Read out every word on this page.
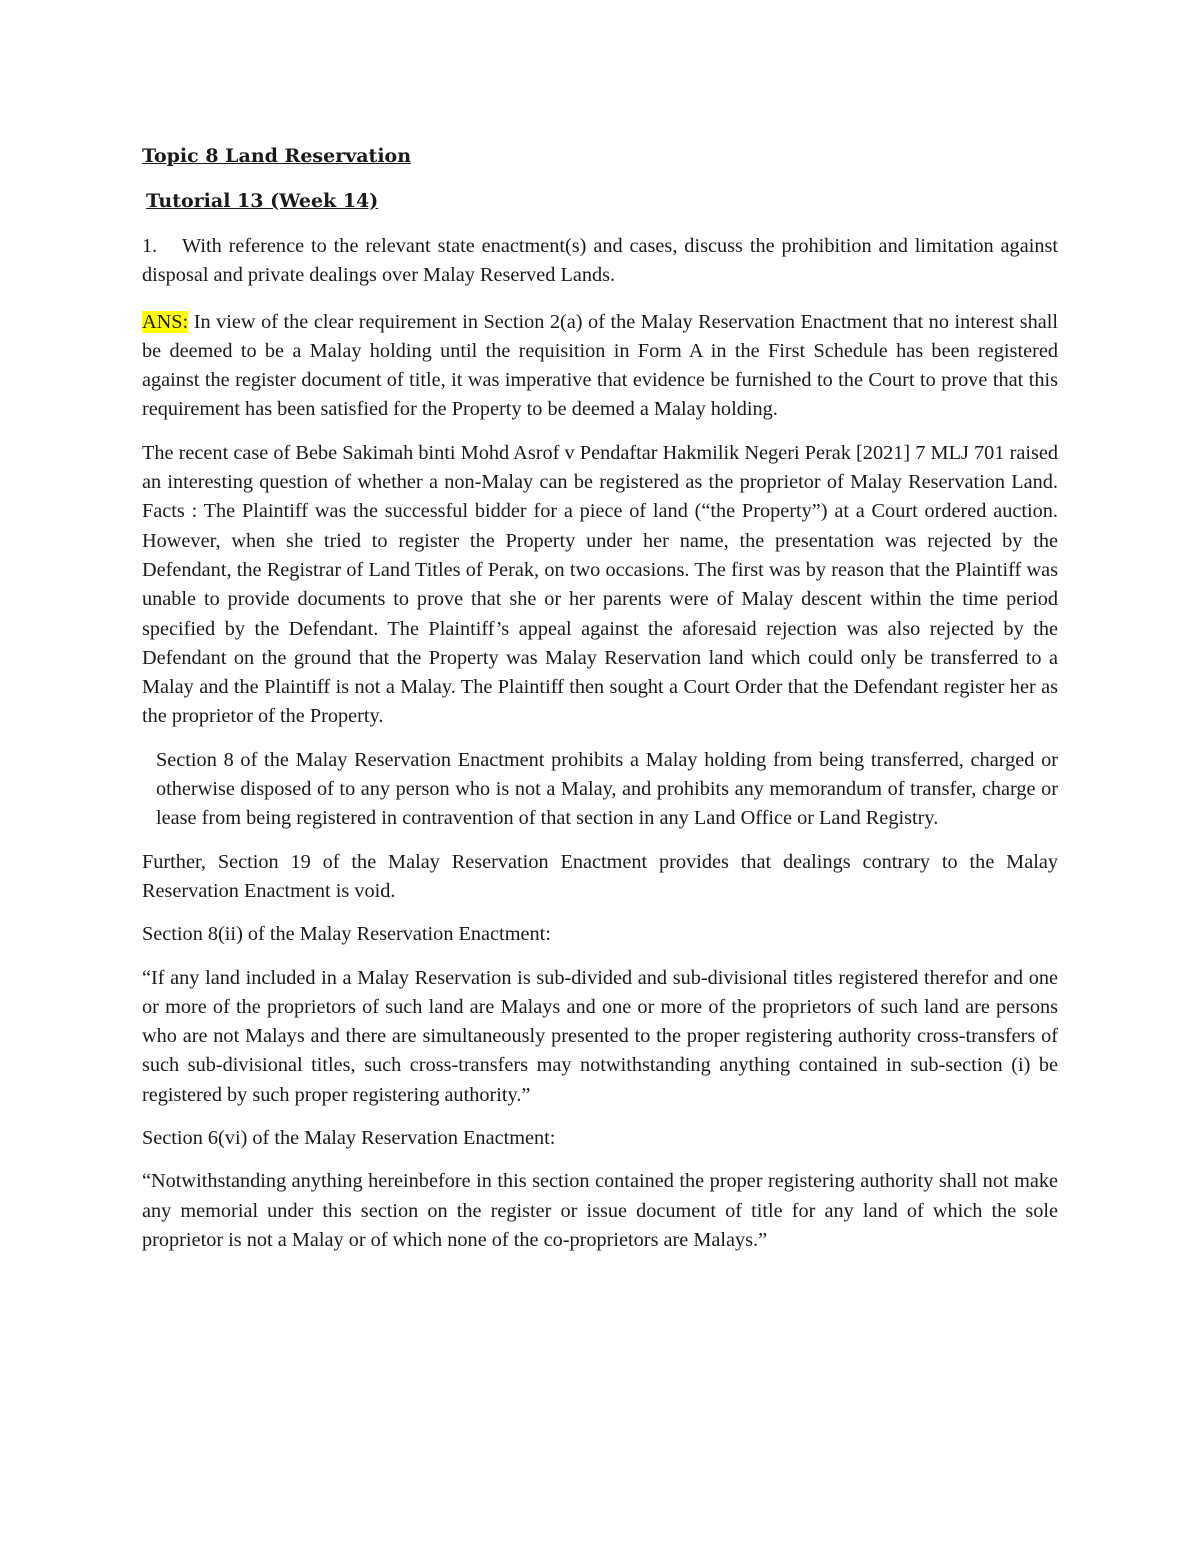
Topic 8 Land Reservation
Tutorial 13 (Week 14)

1. With reference to the relevant state enactment(s) and cases, discuss the prohibition and limitation against disposal and private dealings over Malay Reserved Lands.

ANS: In view of the clear requirement in Section 2(a) of the Malay Reservation Enactment that no interest shall be deemed to be a Malay holding until the requisition in Form A in the First Schedule has been registered against the register document of title, it was imperative that evidence be furnished to the Court to prove that this requirement has been satisfied for the Property to be deemed a Malay holding.

The recent case of Bebe Sakimah binti Mohd Asrof v Pendaftar Hakmilik Negeri Perak [2021] 7 MLJ 701 raised an interesting question of whether a non-Malay can be registered as the proprietor of Malay Reservation Land. Facts : The Plaintiff was the successful bidder for a piece of land (“the Property”) at a Court ordered auction. However, when she tried to register the Property under her name, the presentation was rejected by the Defendant, the Registrar of Land Titles of Perak, on two occasions. The first was by reason that the Plaintiff was unable to provide documents to prove that she or her parents were of Malay descent within the time period specified by the Defendant. The Plaintiff’s appeal against the aforesaid rejection was also rejected by the Defendant on the ground that the Property was Malay Reservation land which could only be transferred to a Malay and the Plaintiff is not a Malay. The Plaintiff then sought a Court Order that the Defendant register her as the proprietor of the Property.

Section 8 of the Malay Reservation Enactment prohibits a Malay holding from being transferred, charged or otherwise disposed of to any person who is not a Malay, and prohibits any memorandum of transfer, charge or lease from being registered in contravention of that section in any Land Office or Land Registry.

Further, Section 19 of the Malay Reservation Enactment provides that dealings contrary to the Malay Reservation Enactment is void.

Section 8(ii) of the Malay Reservation Enactment:

“If any land included in a Malay Reservation is sub-divided and sub-divisional titles registered therefor and one or more of the proprietors of such land are Malays and one or more of the proprietors of such land are persons who are not Malays and there are simultaneously presented to the proper registering authority cross-transfers of such sub-divisional titles, such cross-transfers may notwithstanding anything contained in sub-section (i) be registered by such proper registering authority.”

Section 6(vi) of the Malay Reservation Enactment:

“Notwithstanding anything hereinbefore in this section contained the proper registering authority shall not make any memorial under this section on the register or issue document of title for any land of which the sole proprietor is not a Malay or of which none of the co-proprietors are Malays.”
